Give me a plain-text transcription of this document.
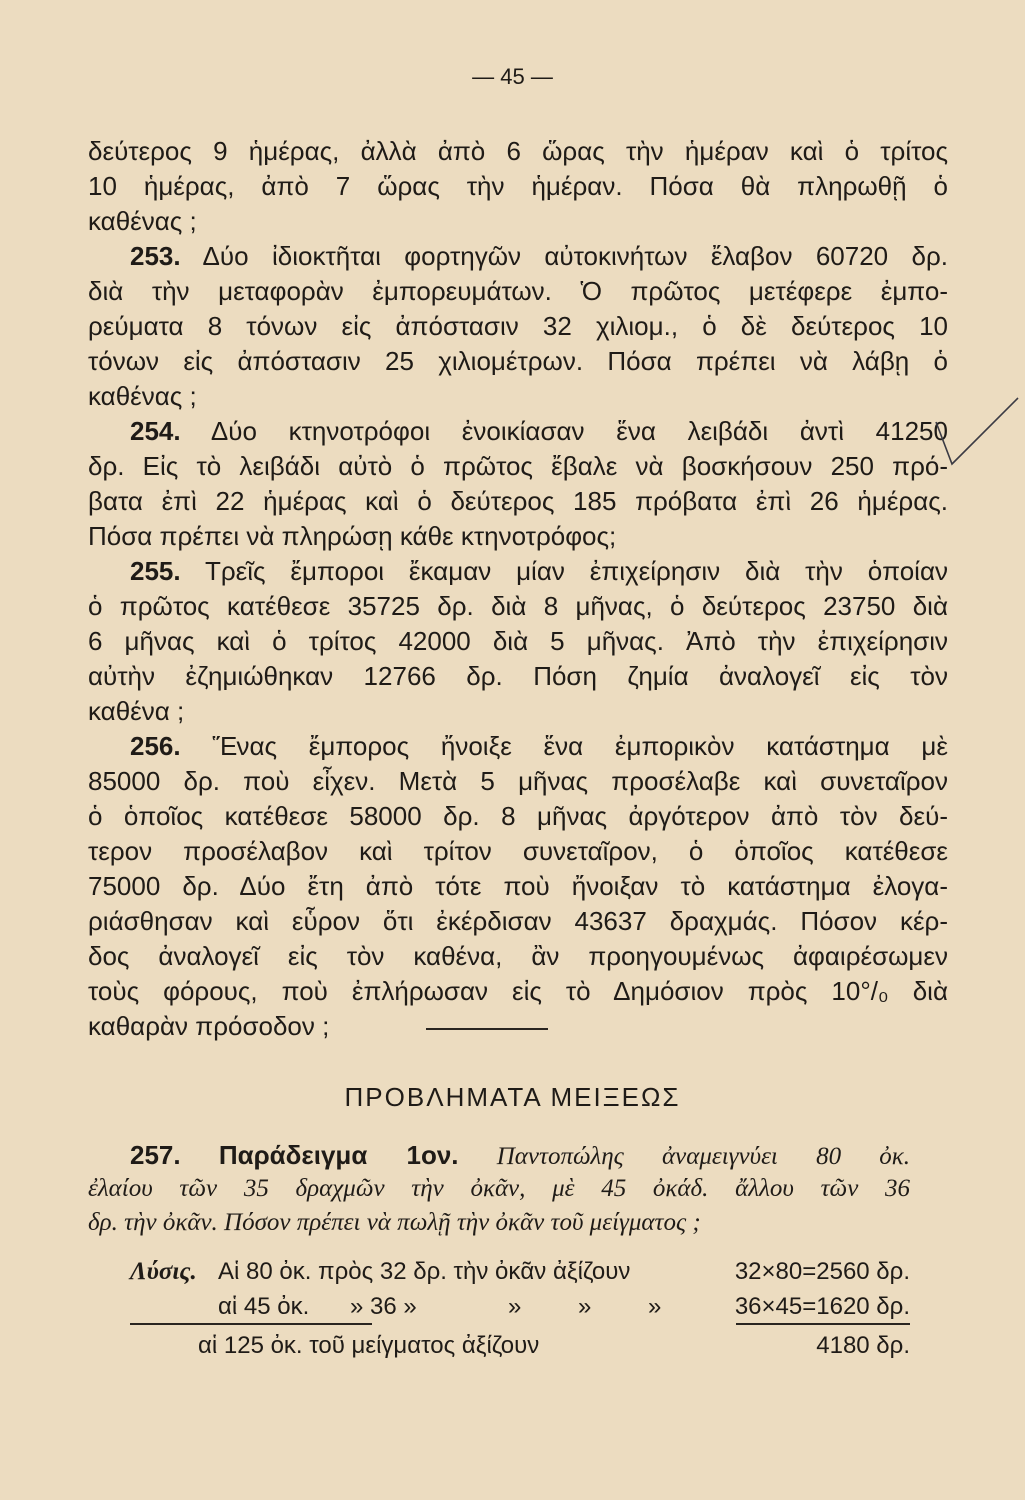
— 45 —
δεύτερος 9 ἡμέρας, ἀλλὰ ἀπὸ 6 ὥρας τὴν ἡμέραν καὶ ὁ τρίτος
10 ἡμέρας, ἀπὸ 7 ὥρας τὴν ἡμέραν. Πόσα θὰ πληρωθῇ ὁ
καθένας ;
253. Δύο ἰδιοκτῆται φορτηγῶν αὐτοκινήτων ἔλαβον 60720 δρ.
διὰ τὴν μεταφορὰν ἐμπορευμάτων. Ὁ πρῶτος μετέφερε ἐμπο-
ρεύματα 8 τόνων εἰς ἀπόστασιν 32 χιλιομ., ὁ δὲ δεύτερος 10
τόνων εἰς ἀπόστασιν 25 χιλιομέτρων. Πόσα πρέπει νὰ λάβῃ ὁ
καθένας ;
254. Δύο κτηνοτρόφοι ἐνοικίασαν ἕνα λειβάδι ἀντὶ 41250
δρ. Εἰς τὸ λειβάδι αὐτὸ ὁ πρῶτος ἔβαλε νὰ βοσκήσουν 250 πρό-
βατα ἐπὶ 22 ἡμέρας καὶ ὁ δεύτερος 185 πρόβατα ἐπὶ 26 ἡμέρας.
Πόσα πρέπει νὰ πληρώσῃ κάθε κτηνοτρόφος;
255. Τρεῖς ἔμποροι ἔκαμαν μίαν ἐπιχείρησιν διὰ τὴν ὁποίαν
ὁ πρῶτος κατέθεσε 35725 δρ. διὰ 8 μῆνας, ὁ δεύτερος 23750 διὰ
6 μῆνας καὶ ὁ τρίτος 42000 διὰ 5 μῆνας. Ἀπὸ τὴν ἐπιχείρησιν
αὐτὴν ἐζημιώθηκαν 12766 δρ. Πόση ζημία ἀναλογεῖ εἰς τὸν
καθένα ;
256. Ἕνας ἔμπορος ἤνοιξε ἕνα ἐμπορικὸν κατάστημα μὲ
85000 δρ. ποὺ εἶχεν. Μετὰ 5 μῆνας προσέλαβε καὶ συνεταῖρον
ὁ ὁποῖος κατέθεσε 58000 δρ. 8 μῆνας ἀργότερον ἀπὸ τὸν δεύ-
τερον προσέλαβον καὶ τρίτον συνεταῖρον, ὁ ὁποῖος κατέθεσε
75000 δρ. Δύο ἔτη ἀπὸ τότε ποὺ ἤνοιξαν τὸ κατάστημα ἐλογα-
ριάσθησαν καὶ εὗρον ὅτι ἐκέρδισαν 43637 δραχμάς. Πόσον κέρ-
δος ἀναλογεῖ εἰς τὸν καθένα, ἂν προηγουμένως ἀφαιρέσωμεν
τοὺς φόρους, ποὺ ἐπλήρωσαν εἰς τὸ Δημόσιον πρὸς 10°/₀ διὰ
καθαρὰν πρόσοδον ;
ΠΡΟΒΛΗΜΑΤΑ ΜΕΙΞΕΩΣ
257. Παράδειγμα 1ον. Παντοπώλης ἀναμειγνύει 80 ὀκ.
ἐλαίου τῶν 35 δραχμῶν τὴν ὀκᾶν, μὲ 45 ὀκάδ. ἄλλου τῶν 36
δρ. τὴν ὀκᾶν. Πόσον πρέπει νὰ πωλῇ τὴν ὀκᾶν τοῦ μείγματος ;
Λύσις. Αἱ 80 ὀκ. πρὸς 32 δρ. τὴν ὀκᾶν ἀξίζουν	32×80=2560 δρ.
αἱ 45 ὀκ. » 36 »	» » »	36×45=1620 δρ.
αἱ 125 ὀκ. τοῦ μείγματος ἀξίζουν	4180 δρ.
